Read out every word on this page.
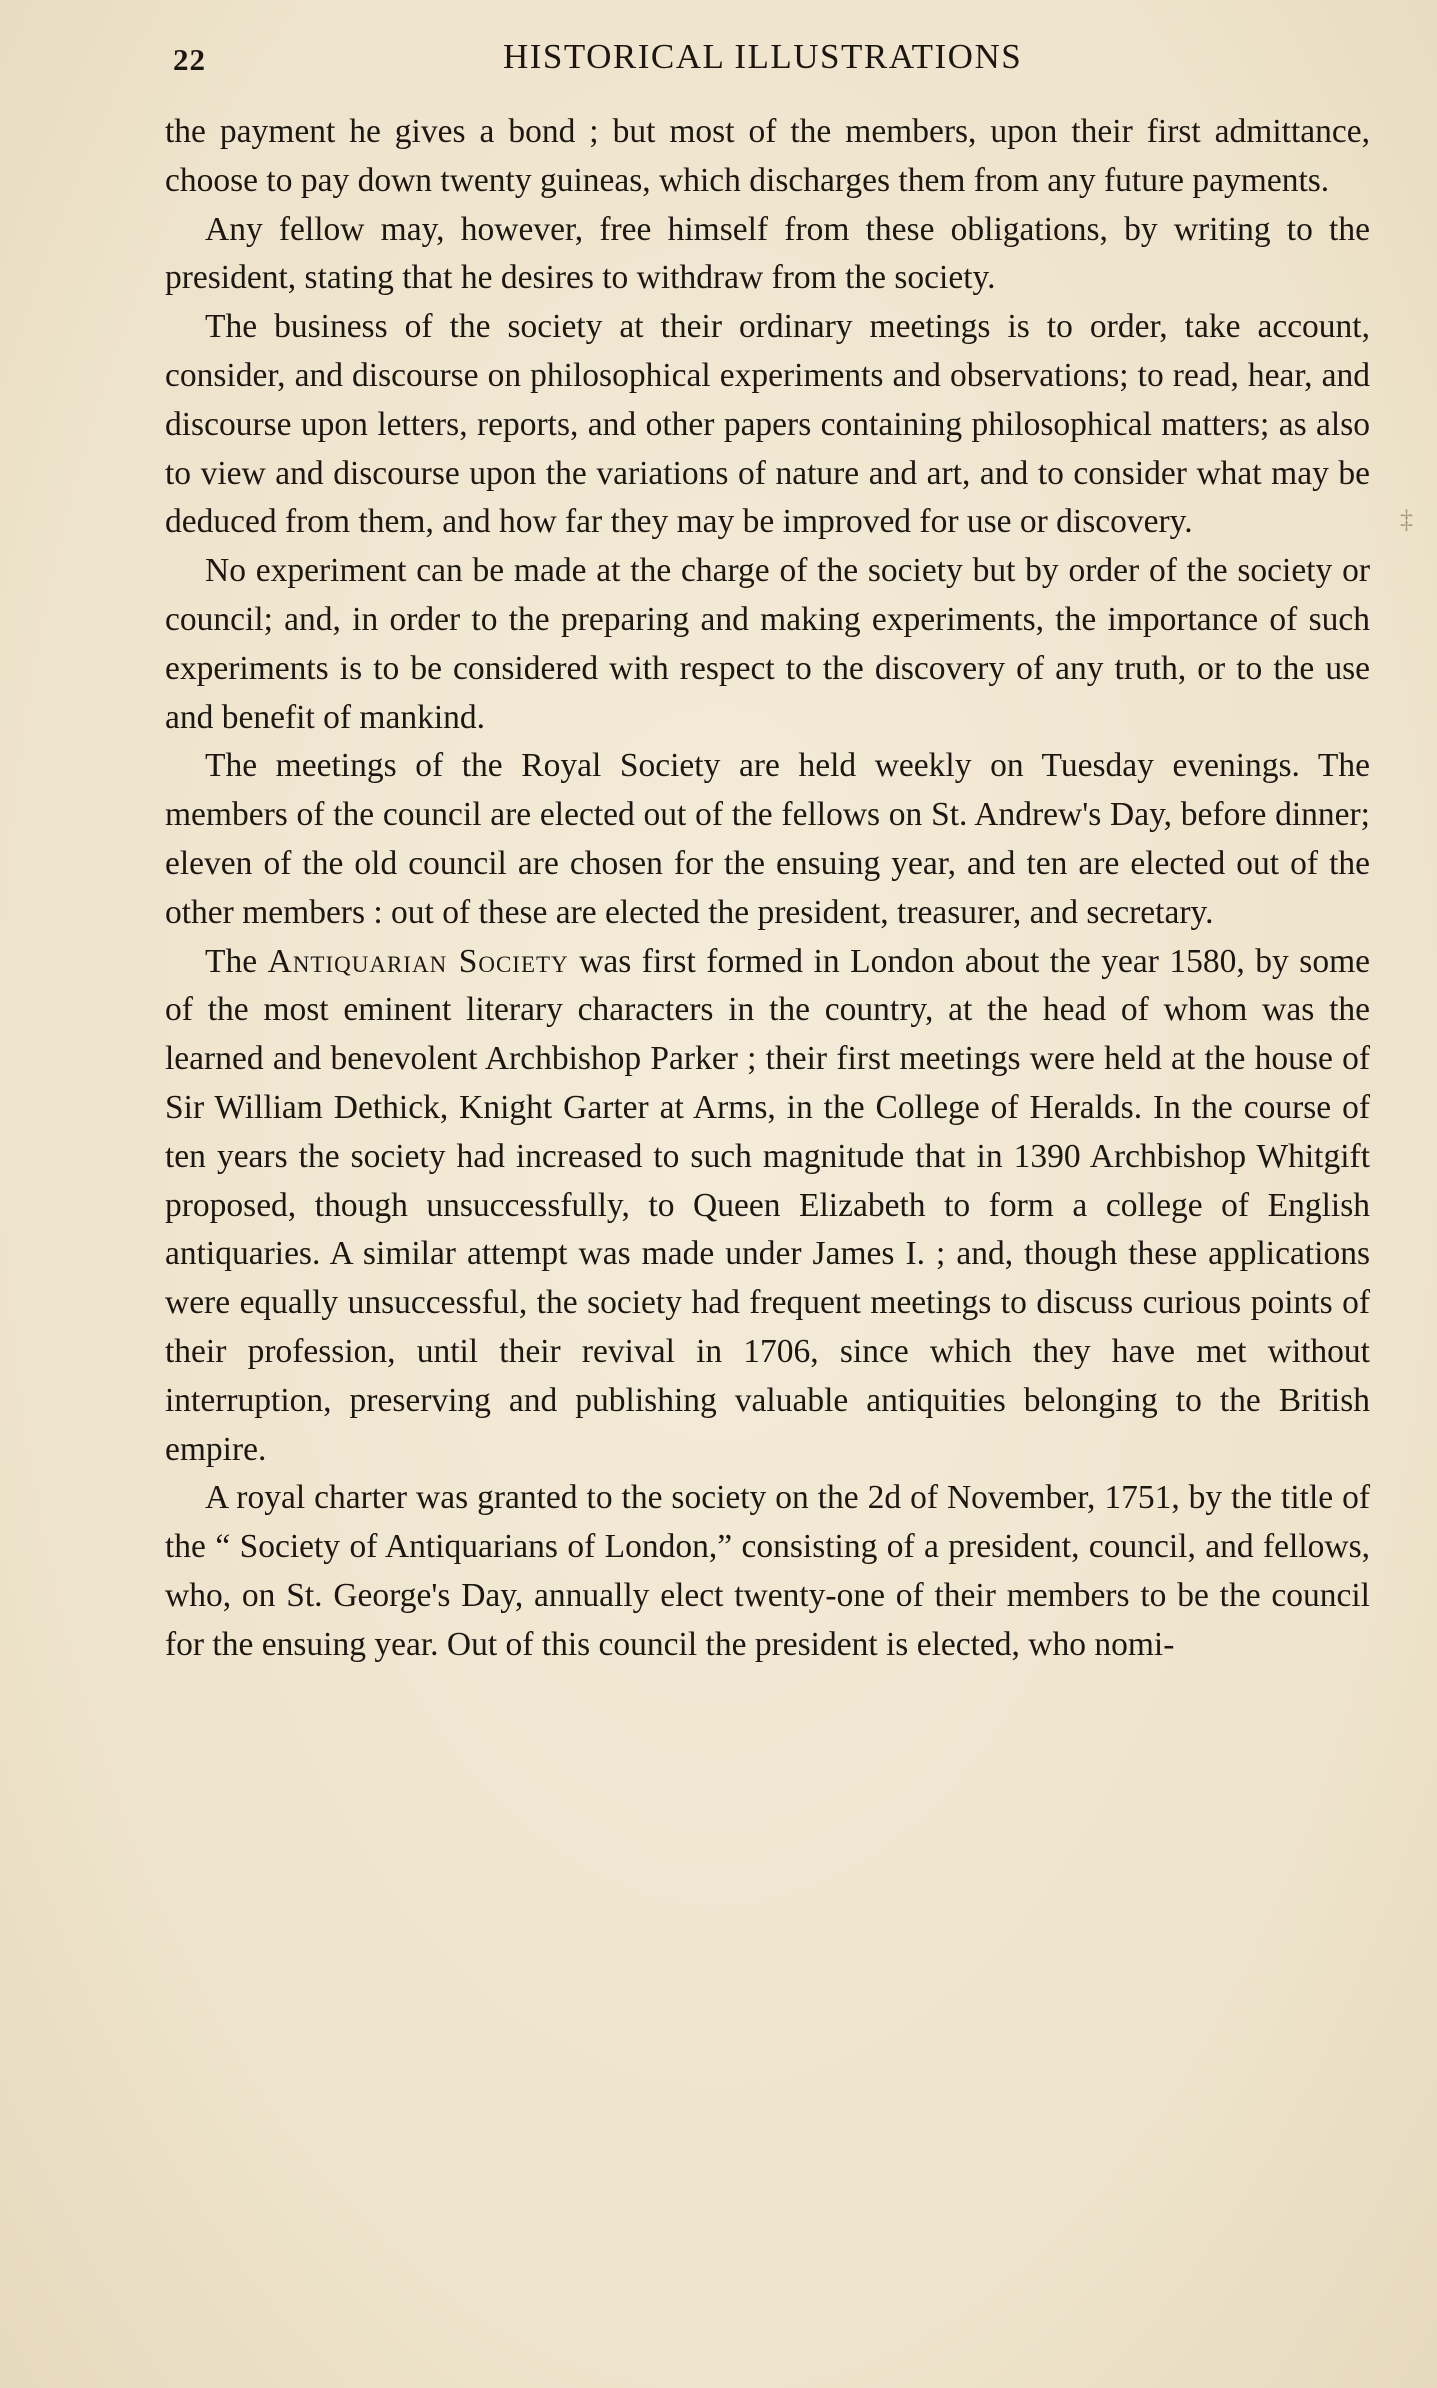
22	HISTORICAL ILLUSTRATIONS

the payment he gives a bond ; but most of the members, upon their first admittance, choose to pay down twenty guineas, which discharges them from any future payments.

Any fellow may, however, free himself from these obligations, by writing to the president, stating that he desires to withdraw from the society.

The business of the society at their ordinary meetings is to order, take account, consider, and discourse on philosophical experiments and observations; to read, hear, and discourse upon letters, reports, and other papers containing philosophical matters; as also to view and discourse upon the variations of nature and art, and to consider what may be deduced from them, and how far they may be improved for use or discovery.

No experiment can be made at the charge of the society but by order of the society or council; and, in order to the preparing and making experiments, the importance of such experiments is to be considered with respect to the discovery of any truth, or to the use and benefit of mankind.

The meetings of the Royal Society are held weekly on Tuesday evenings. The members of the council are elected out of the fellows on St. Andrew's Day, before dinner; eleven of the old council are chosen for the ensuing year, and ten are elected out of the other members : out of these are elected the president, treasurer, and secretary.

The Antiquarian Society was first formed in London about the year 1580, by some of the most eminent literary characters in the country, at the head of whom was the learned and benevolent Archbishop Parker ; their first meetings were held at the house of Sir William Dethick, Knight Garter at Arms, in the College of Heralds. In the course of ten years the society had increased to such magnitude that in 1390 Archbishop Whitgift proposed, though unsuccessfully, to Queen Elizabeth to form a college of English antiquaries. A similar attempt was made under James I. ; and, though these applications were equally unsuccessful, the society had frequent meetings to discuss curious points of their profession, until their revival in 1706, since which they have met without interruption, preserving and publishing valuable antiquities belonging to the British empire.

A royal charter was granted to the society on the 2d of November, 1751, by the title of the “ Society of Antiquarians of London,” consisting of a president, council, and fellows, who, on St. George's Day, annually elect twenty-one of their members to be the council for the ensuing year. Out of this council the president is elected, who nomi-

‡
